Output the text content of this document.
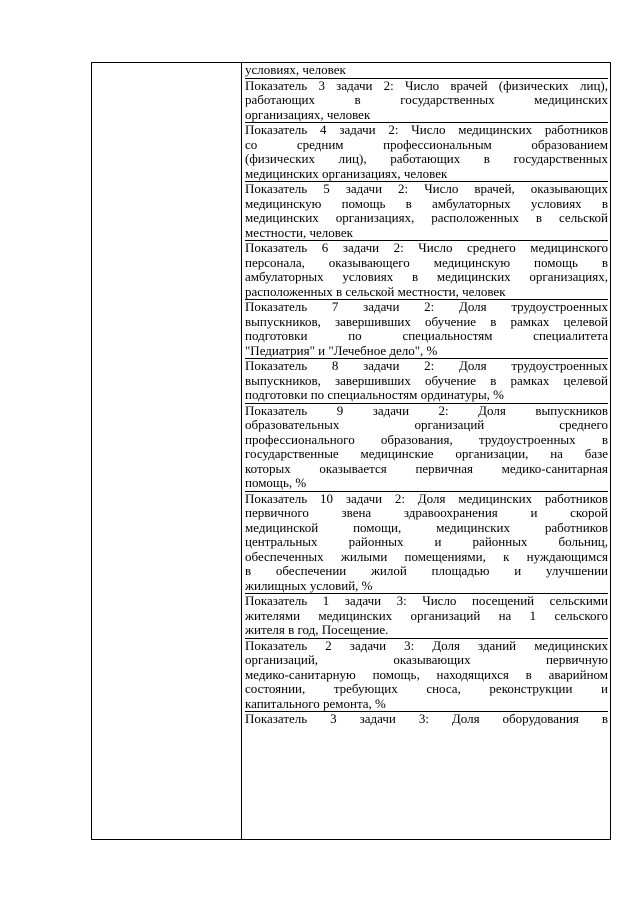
условиях, человек
Показатель 3 задачи 2: Число врачей (физических лиц),
работающих в государственных медицинских
организациях, человек
Показатель 4 задачи 2: Число медицинских работников
со средним профессиональным образованием
(физических лиц), работающих в государственных
медицинских организациях, человек
Показатель 5 задачи 2: Число врачей, оказывающих
медицинскую помощь в амбулаторных условиях в
медицинских организациях, расположенных в сельской
местности, человек
Показатель 6 задачи 2: Число среднего медицинского
персонала, оказывающего медицинскую помощь в
амбулаторных условиях в медицинских организациях,
расположенных в сельской местности, человек
Показатель 7 задачи 2: Доля трудоустроенных
выпускников, завершивших обучение в рамках целевой
подготовки по специальностям специалитета
"Педиатрия" и "Лечебное дело", %
Показатель 8 задачи 2: Доля трудоустроенных
выпускников, завершивших обучение в рамках целевой
подготовки по специальностям ординатуры, %
Показатель 9 задачи 2: Доля выпускников
образовательных организаций среднего
профессионального образования, трудоустроенных в
государственные медицинские организации, на базе
которых оказывается первичная медико-санитарная
помощь, %
Показатель 10 задачи 2: Доля медицинских работников
первичного звена здравоохранения и скорой
медицинской помощи, медицинских работников
центральных районных и районных больниц,
обеспеченных жилыми помещениями, к нуждающимся
в обеспечении жилой площадью и улучшении
жилищных условий, %
Показатель 1 задачи 3: Число посещений сельскими
жителями медицинских организаций на 1 сельского
жителя в год, Посещение.
Показатель 2 задачи 3: Доля зданий медицинских
организаций, оказывающих первичную
медико-санитарную помощь, находящихся в аварийном
состоянии, требующих сноса, реконструкции и
капитального ремонта, %
Показатель 3 задачи 3: Доля оборудования в
